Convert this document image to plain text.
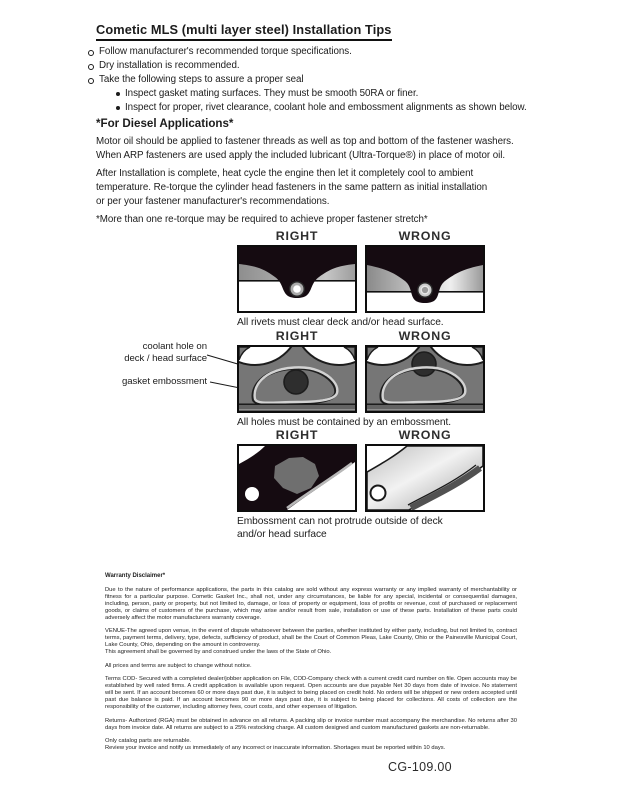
Cometic MLS (multi layer steel) Installation Tips
Follow manufacturer's recommended torque specifications.
Dry installation is recommended.
Take the following steps to assure a proper seal
Inspect gasket mating surfaces. They must be smooth 50RA or finer.
Inspect for proper, rivet clearance, coolant hole and embossment alignments as shown below.
*For Diesel Applications*
Motor oil should be applied to fastener threads as well as top and bottom of the fastener washers.
When ARP fasteners are used apply the included lubricant (Ultra-Torque®) in place of motor oil.
After Installation is complete, heat cycle the engine then let it completely cool to ambient
temperature. Re-torque the cylinder head fasteners in the same pattern as initial installation
or per your fastener manufacturer's recommendations.
*More than one re-torque may be required to achieve proper fastener stretch*
RIGHT	WRONG
All rivets must clear deck and/or head surface.
coolant hole on
deck / head surface
gasket embossment
RIGHT	WRONG
All holes must be contained by an embossment.
RIGHT	WRONG
Embossment can not protrude outside of deck
and/or head surface
Warranty Disclaimer*

Due to the nature of performance applications, the parts in this catalog are sold without any express warranty or any implied warranty of merchantability or fitness for a particular purpose. Cometic Gasket Inc., shall not, under any circumstances, be liable for any special, incidental or consequential damages, including, person, party or property, but not limited to, damage, or loss of property or equipment, loss of profits or revenue, cost of purchased or replacement goods, or claims of customers of the purchase, which may arise and/or result from sale, installation or use of these parts. Installation of these parts could adversely affect the motor manufacturers warranty coverage.

VENUE-The agreed upon venue, in the event of dispute whatsoever between the parties, whether instituted by either party, including, but not limited to, contract terms, payment terms, delivery, type, defects, sufficiency of product, shall be the Court of Common Pleas, Lake County, Ohio or the Painesville Municipal Court, Lake County, Ohio, depending on the amount in controversy.

This agreement shall be governed by and construed under the laws of the State of Ohio.

All prices and terms are subject to change without notice.

Terms COD- Secured with a completed dealer/jobber application on File, COD-Company check with a current credit card number on file. Open accounts may be established by well rated firms. A credit application is available upon request. Open accounts are due payable Net 30 days from date of invoice. No statement will be sent. If an account becomes 60 or more days past due, it is subject to being placed on credit hold. No orders will be shipped or new orders accepted until past due balance is paid. If an account becomes 90 or more days past due, it is subject to being placed for collections. All costs of collection are the responsibility of the customer, including attorney fees, court costs, and other expenses of litigation.

Returns- Authorized (RGA) must be obtained in advance on all returns. A packing slip or invoice number must accompany the merchandise. No returns after 30 days from invoice date. All returns are subject to a 25% restocking charge. All custom designed and custom manufactured gaskets are non-returnable.

Only catalog parts are returnable.

Review your invoice and notify us immediately of any incorrect or inaccurate information. Shortages must be reported within 10 days.

CG-109.00
